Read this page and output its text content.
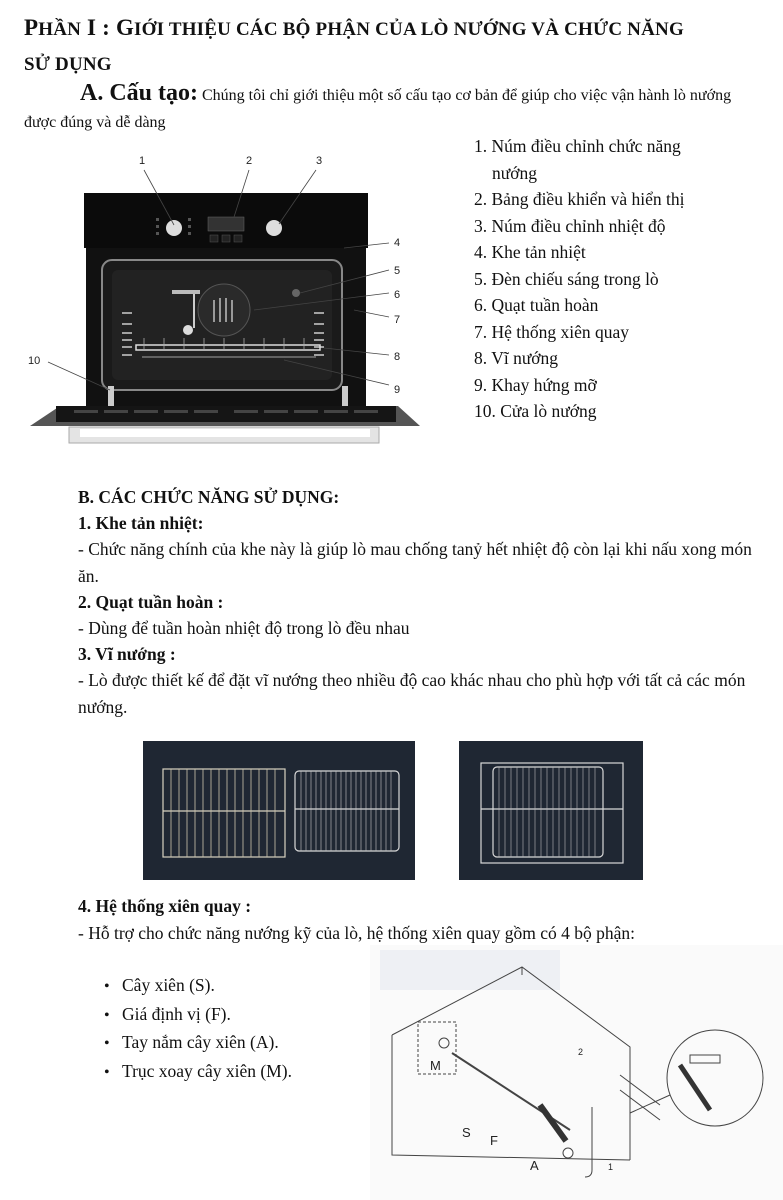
PHẦN I : GIỚI THIỆU CÁC BỘ PHẬN CỦA LÒ NƯỚNG VÀ CHỨC NĂNG
SỬ DỤNG
A. Cấu tạo: Chúng tôi chỉ giới thiệu một số cấu tạo cơ bản để giúp cho việc vận hành lò nướng được đúng và dễ dàng
1	2	3
4
5
6
7
8
9
10
1. Núm điều chỉnh chức năng
nướng
2. Bảng điều khiển và hiển thị
3. Núm điều chỉnh nhiệt độ
4. Khe tản nhiệt
5. Đèn chiếu sáng trong lò
6. Quạt tuần hoàn
7. Hệ thống xiên quay
8. Vĩ nướng
9. Khay hứng mỡ
10. Cửa lò nướng
B. CÁC CHỨC NĂNG SỬ DỤNG:
1. Khe tản nhiệt:
- Chức năng chính của khe này là giúp lò mau chống tanỷ hết nhiệt độ còn lại khi nấu xong món ăn.
2. Quạt tuần hoàn :
- Dùng để tuần hoàn nhiệt độ trong lò đều nhau
3. Vĩ nướng :
- Lò được thiết kế để đặt vĩ nướng theo nhiều độ cao khác nhau cho phù hợp với tất cả các món nướng.
4. Hệ thống xiên quay :
- Hỗ trợ cho chức năng nướng kỹ của lò, hệ thống xiên quay gồm có 4 bộ phận:
• Cây xiên (S).
• Giá định vị (F).
• Tay nắm cây xiên (A).
• Trục xoay cây xiên (M).	M
S
F
A	1
2
